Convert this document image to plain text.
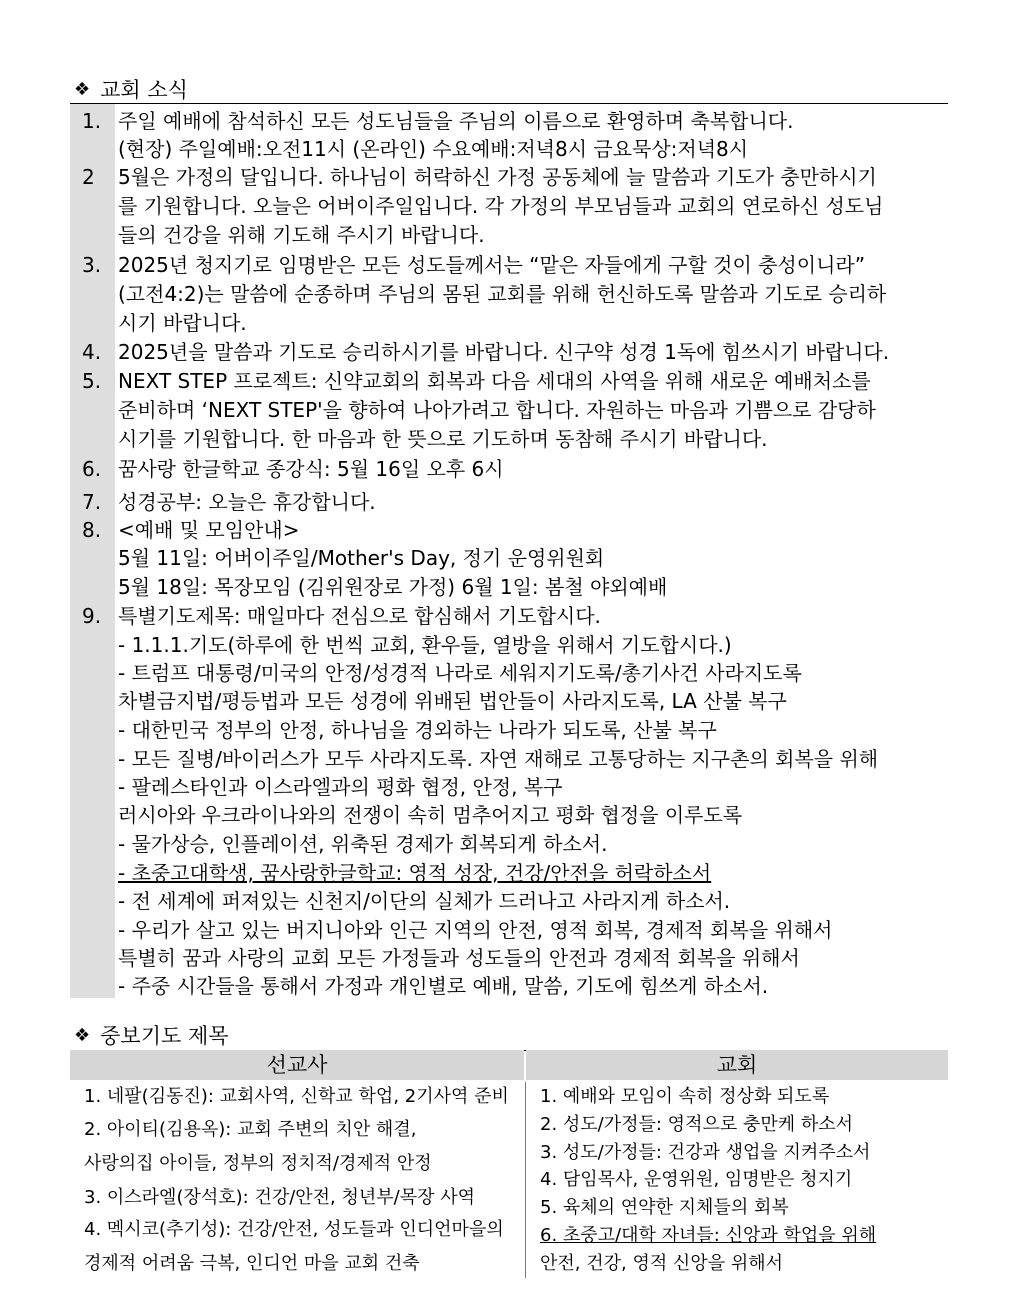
❖ 교회 소식
1. 주일 예배에 참석하신 모든 성도님들을 주님의 이름으로 환영하며 축복합니다.
(현장) 주일예배:오전11시 (온라인) 수요예배:저녁8시 금요묵상:저녁8시
2	5월은 가정의 달입니다. 하나님이 허락하신 가정 공동체에 늘 말씀과 기도가 충만하시기
를 기원합니다. 오늘은 어버이주일입니다. 각 가정의 부모님들과 교회의 연로하신 성도님
들의 건강을 위해 기도해 주시기 바랍니다.
3. 2025년 청지기로 임명받은 모든 성도들께서는 “맡은 자들에게 구할 것이 충성이니라”
(고전4:2)는 말씀에 순종하며 주님의 몸된 교회를 위해 헌신하도록 말씀과 기도로 승리하
시기 바랍니다.
4. 2025년을 말씀과 기도로 승리하시기를 바랍니다. 신구약 성경 1독에 힘쓰시기 바랍니다.
5. NEXT STEP 프로젝트: 신약교회의 회복과 다음 세대의 사역을 위해 새로운 예배처소를
준비하며 ‘NEXT STEP'을 향하여 나아가려고 합니다. 자원하는 마음과 기쁨으로 감당하
시기를 기원합니다. 한 마음과 한 뜻으로 기도하며 동참해 주시기 바랍니다.
6. 꿈사랑 한글학교 종강식: 5월 16일 오후 6시
7. 성경공부: 오늘은 휴강합니다.
8. <예배 및 모임안내>
5월 11일: 어버이주일/Mother's Day, 정기 운영위원회
5월 18일: 목장모임 (김위원장로 가정) 6월 1일: 봄철 야외예배
9. 특별기도제목: 매일마다 전심으로 합심해서 기도합시다.
- 1.1.1.기도(하루에 한 번씩 교회, 환우들, 열방을 위해서 기도합시다.)
- 트럼프 대통령/미국의 안정/성경적 나라로 세워지기도록/총기사건 사라지도록
차별금지법/평등법과 모든 성경에 위배된 법안들이 사라지도록, LA 산불 복구
- 대한민국 정부의 안정, 하나님을 경외하는 나라가 되도록, 산불 복구
- 모든 질병/바이러스가 모두 사라지도록. 자연 재해로 고통당하는 지구촌의 회복을 위해
- 팔레스타인과 이스라엘과의 평화 협정, 안정, 복구
러시아와 우크라이나와의 전쟁이 속히 멈추어지고 평화 협정을 이루도록
- 물가상승, 인플레이션, 위축된 경제가 회복되게 하소서.
- 초중고대학생, 꿈사랑한글학교: 영적 성장, 건강/안전을 허락하소서
- 전 세계에 퍼져있는 신천지/이단의 실체가 드러나고 사라지게 하소서.
- 우리가 살고 있는 버지니아와 인근 지역의 안전, 영적 회복, 경제적 회복을 위해서
특별히 꿈과 사랑의 교회 모든 가정들과 성도들의 안전과 경제적 회복을 위해서
- 주중 시간들을 통해서 가정과 개인별로 예배, 말씀, 기도에 힘쓰게 하소서.
❖ 중보기도 제목
선교사	교회
1. 네팔(김동진): 교회사역, 신학교 학업, 2기사역 준비
2. 아이티(김용옥): 교회 주변의 치안 해결,
사랑의집 아이들, 정부의 정치적/경제적 안정
3. 이스라엘(장석호): 건강/안전, 청년부/목장 사역
4. 멕시코(추기성): 건강/안전, 성도들과 인디언마을의
경제적 어려움 극복, 인디언 마을 교회 건축
1. 예배와 모임이 속히 정상화 되도록
2. 성도/가정들: 영적으로 충만케 하소서
3. 성도/가정들: 건강과 생업을 지켜주소서
4. 담임목사, 운영위원, 임명받은 청지기
5. 육체의 연약한 지체들의 회복
6. 초중고/대학 자녀들: 신앙과 학업을 위해
안전, 건강, 영적 신앙을 위해서
